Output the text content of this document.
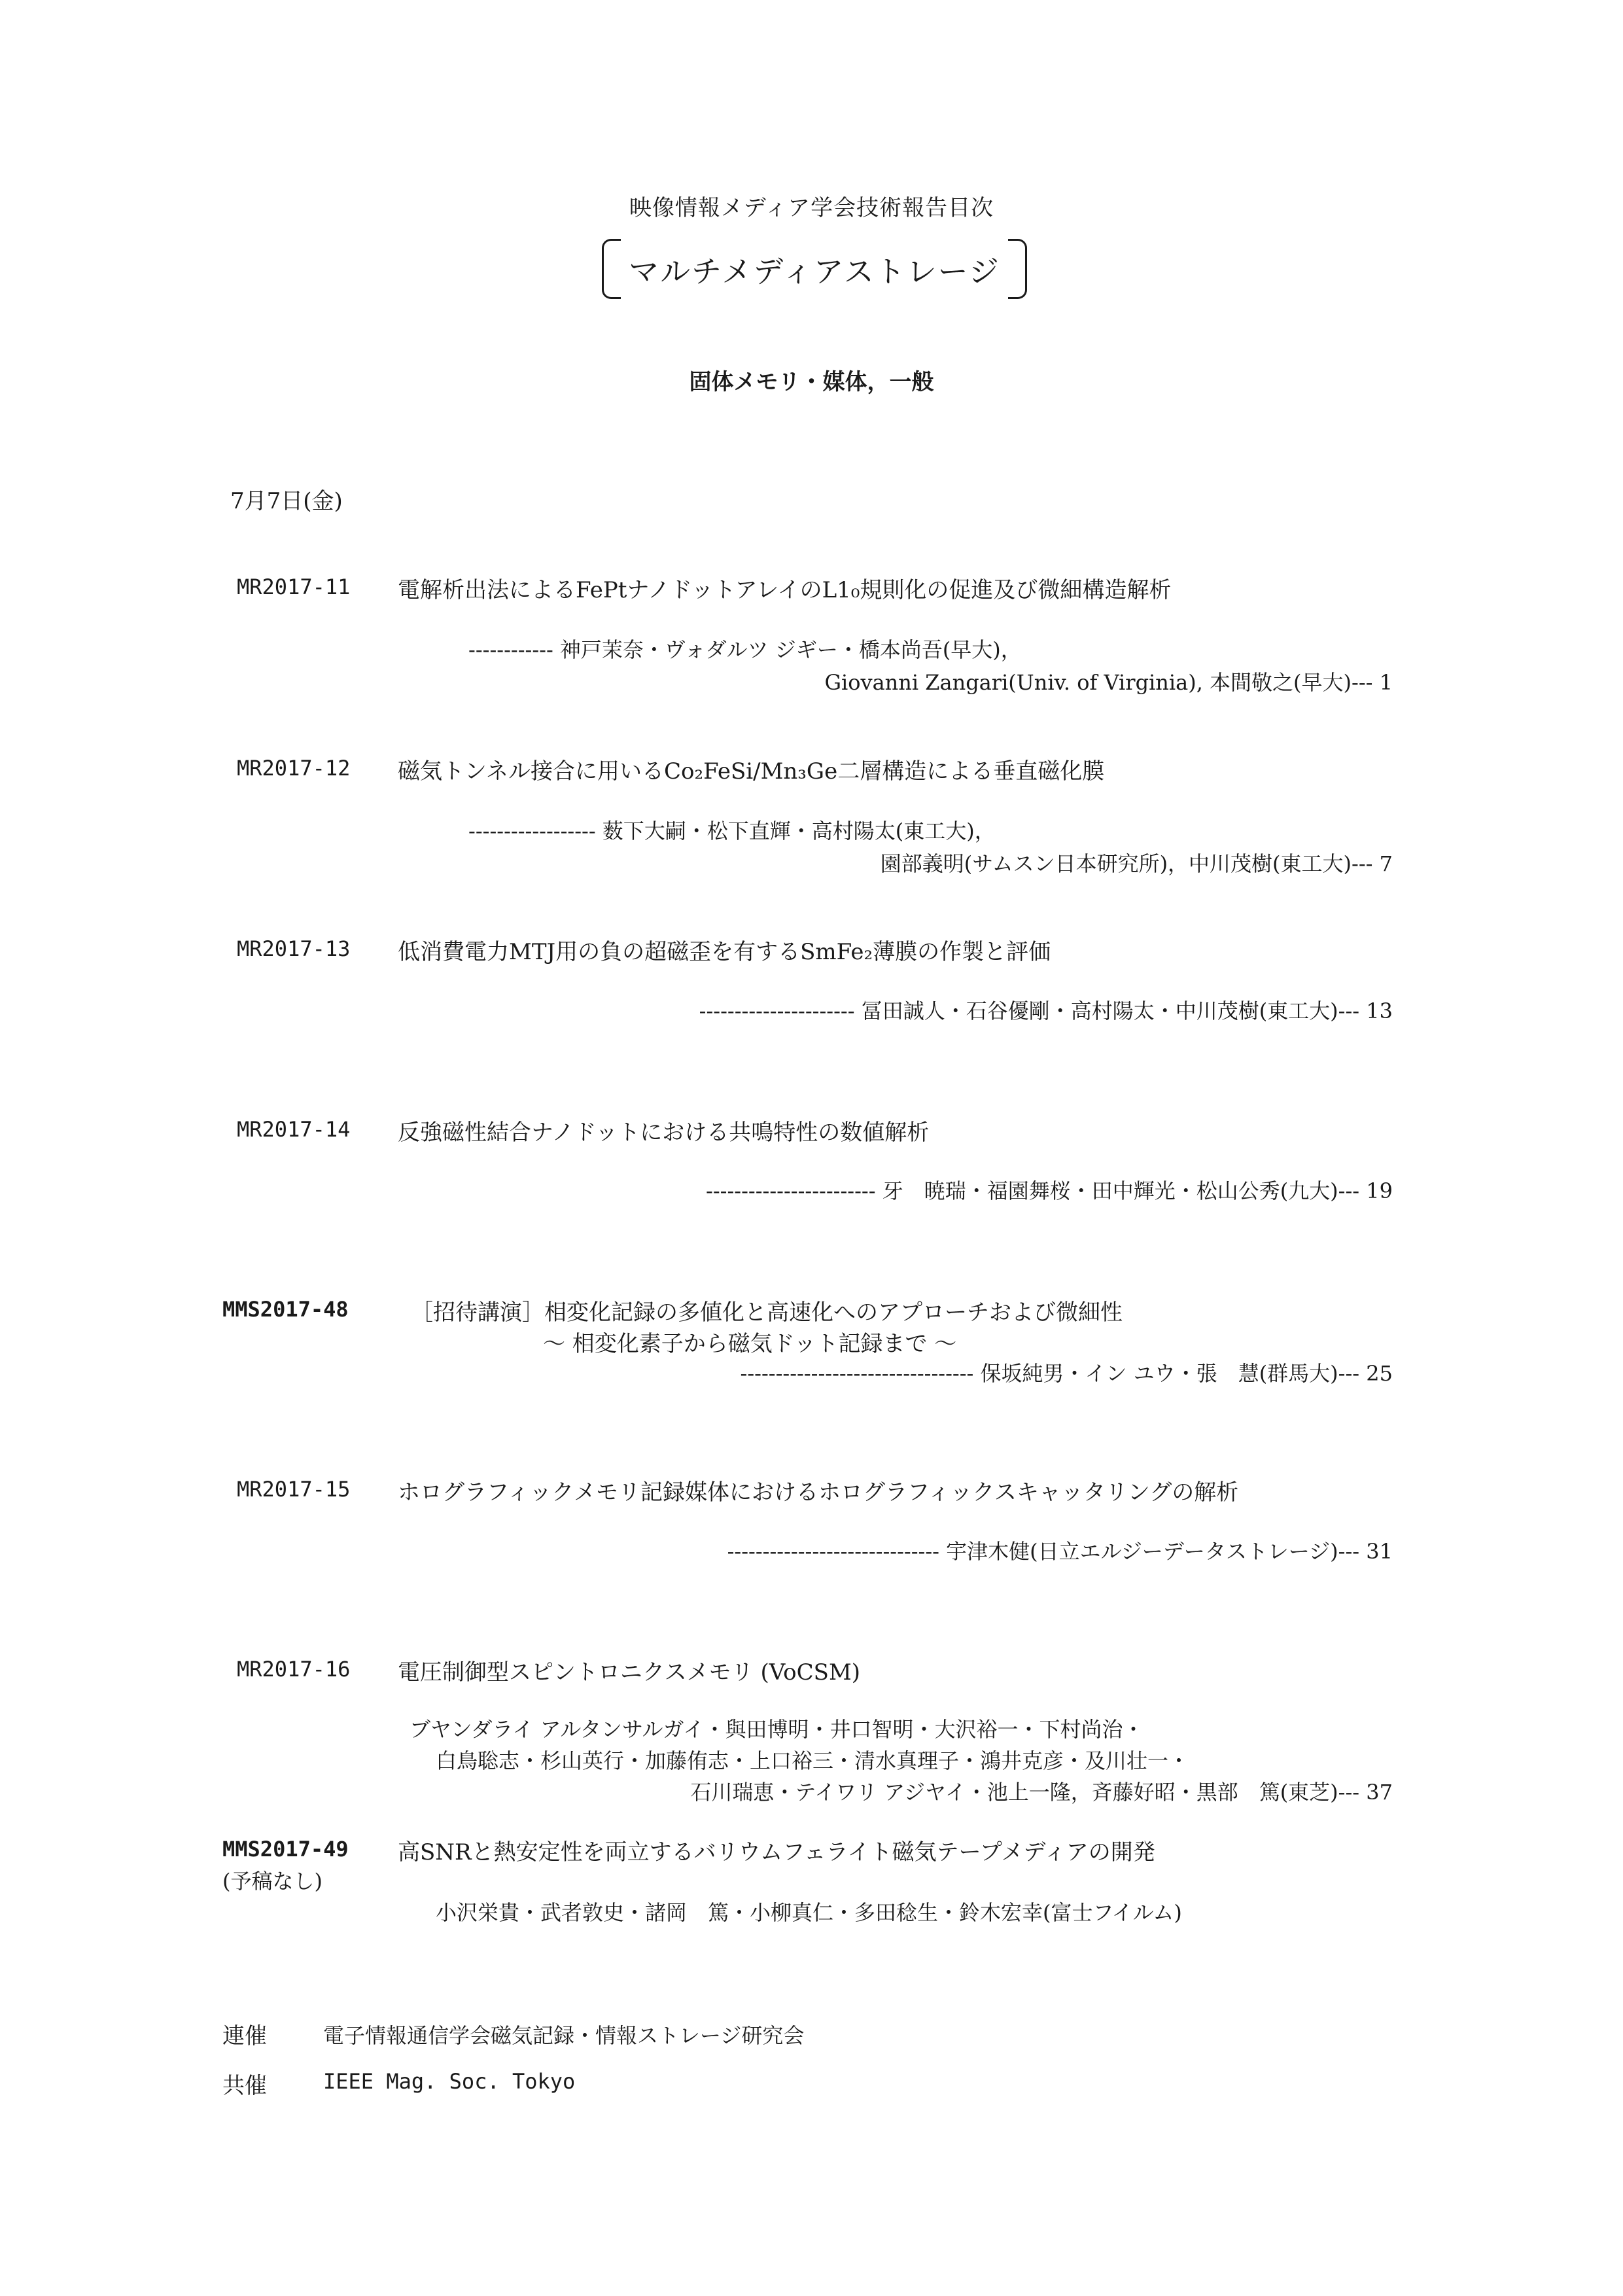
映像情報メディア学会技術報告目次
マルチメディアストレージ
固体メモリ・媒体，一般
7月7日(金)
MR2017-11 電解析出法によるFePtナノドットアレイのL1₀規則化の促進及び微細構造解析
------------ 神戸茉奈・ヴォダルツ ジギー・橋本尚吾(早大)，
Giovanni Zangari(Univ. of Virginia), 本間敬之(早大)--- 1
MR2017-12 磁気トンネル接合に用いるCo₂FeSi/Mn₃Ge二層構造による垂直磁化膜
------------------ 薮下大嗣・松下直輝・高村陽太(東工大)，
園部義明(サムスン日本研究所)，中川茂樹(東工大)--- 7
MR2017-13 低消費電力MTJ用の負の超磁歪を有するSmFe₂薄膜の作製と評価
---------------------- 冨田誠人・石谷優剛・高村陽太・中川茂樹(東工大)--- 13
MR2017-14 反強磁性結合ナノドットにおける共鳴特性の数値解析
------------------------ 牙　暁瑞・福園舞桜・田中輝光・松山公秀(九大)--- 19
MMS2017-48	［招待講演］相変化記録の多値化と高速化へのアプローチおよび微細性
～ 相変化素子から磁気ドット記録まで ～
--------------------------------- 保坂純男・イン ユウ・張　慧(群馬大)--- 25
MR2017-15 ホログラフィックメモリ記録媒体におけるホログラフィックスキャッタリングの解析
------------------------------ 宇津木健(日立エルジーデータストレージ)--- 31
MR2017-16 電圧制御型スピントロニクスメモリ (VoCSM)
ブヤンダライ アルタンサルガイ・與田博明・井口智明・大沢裕一・下村尚治・
白鳥聡志・杉山英行・加藤侑志・上口裕三・清水真理子・鴻井克彦・及川壮一・
石川瑞恵・テイワリ アジヤイ・池上一隆，斉藤好昭・黒部　篤(東芝)--- 37
MMS2017-49
(予稿なし)
高SNRと熱安定性を両立するバリウムフェライト磁気テープメディアの開発
小沢栄貴・武者敦史・諸岡　篤・小柳真仁・多田稔生・鈴木宏幸(富士フイルム)
連催	電子情報通信学会磁気記録・情報ストレージ研究会
共催	IEEE Mag. Soc. Tokyo
